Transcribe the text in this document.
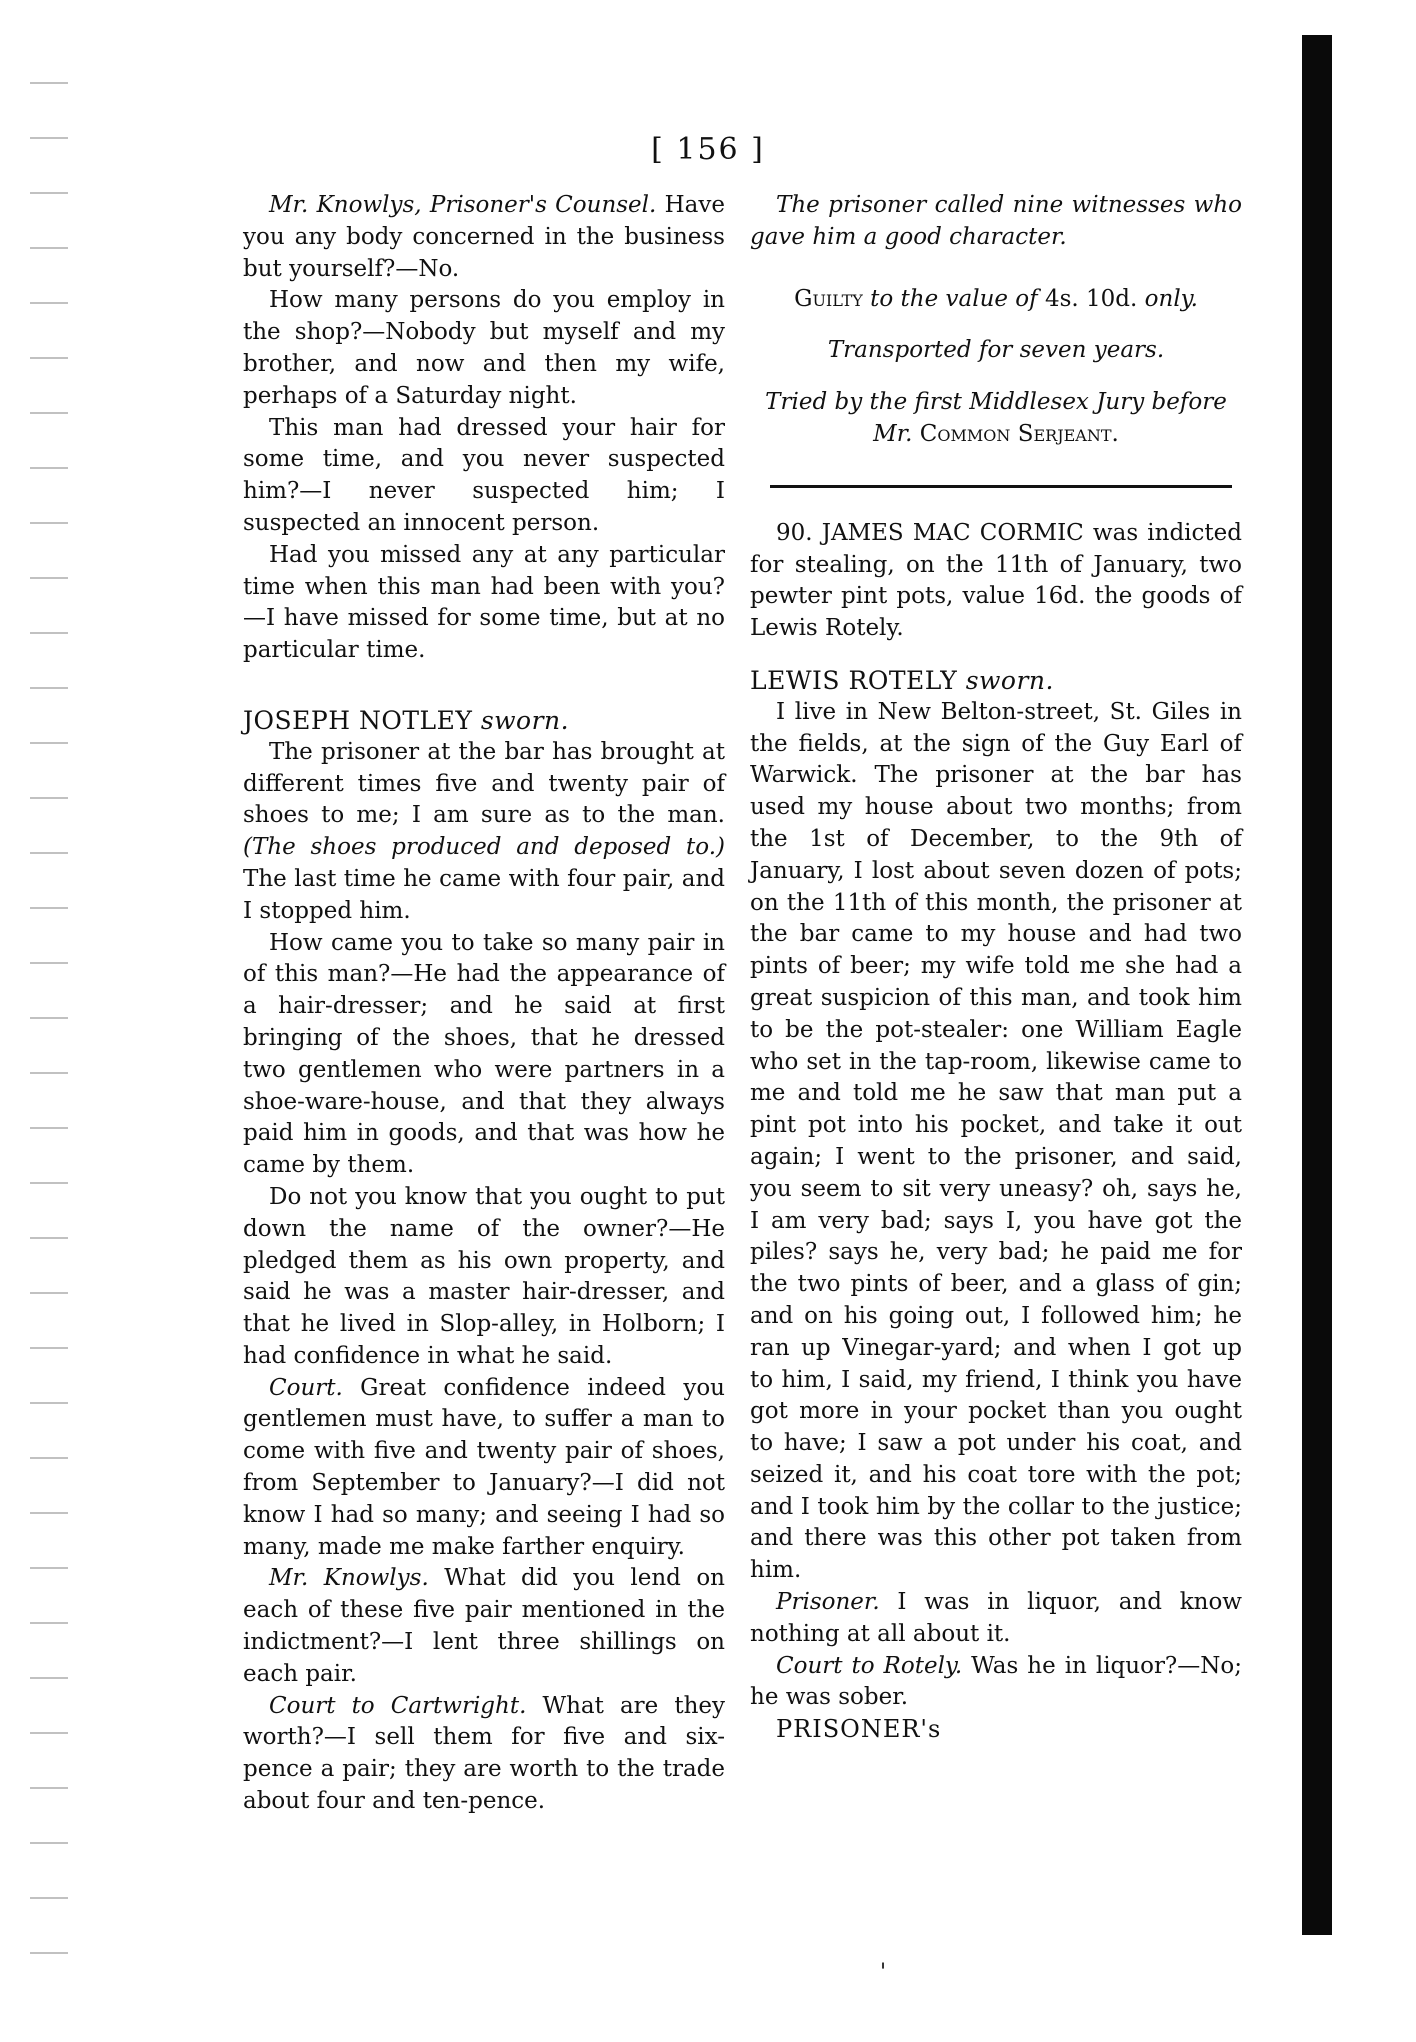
[ 156 ]

Mr. Knowlys, Prisoner's Counsel. Have you any body concerned in the business but yourself?—No.

How many persons do you employ in the shop?—Nobody but myself and my brother, and now and then my wife, perhaps of a Saturday night.

This man had dressed your hair for some time, and you never suspected him?—I never suspected him; I suspected an innocent person.

Had you missed any at any particular time when this man had been with you?—I have missed for some time, but at no particular time.

JOSEPH NOTLEY sworn.

The prisoner at the bar has brought at different times five and twenty pair of shoes to me; I am sure as to the man. (The shoes produced and deposed to.) The last time he came with four pair, and I stopped him.

How came you to take so many pair in of this man?—He had the appearance of a hair-dresser; and he said at first bringing of the shoes, that he dressed two gentlemen who were partners in a shoe-ware-house, and that they always paid him in goods, and that was how he came by them.

Do not you know that you ought to put down the name of the owner?—He pledged them as his own property, and said he was a master hair-dresser, and that he lived in Slop-alley, in Holborn; I had confidence in what he said.

Court. Great confidence indeed you gentlemen must have, to suffer a man to come with five and twenty pair of shoes, from September to January?—I did not know I had so many; and seeing I had so many, made me make farther enquiry.

Mr. Knowlys. What did you lend on each of these five pair mentioned in the indictment?—I lent three shillings on each pair.

Court to Cartwright. What are they worth?—I sell them for five and six-pence a pair; they are worth to the trade about four and ten-pence.

The prisoner called nine witnesses who gave him a good character.

Guilty to the value of 4s. 10d. only.

Transported for seven years.

Tried by the first Middlesex Jury before

Mr. Common Serjeant.

90. JAMES MAC CORMIC was indicted for stealing, on the 11th of January, two pewter pint pots, value 16d. the goods of Lewis Rotely.

LEWIS ROTELY sworn.

I live in New Belton-street, St. Giles in the fields, at the sign of the Guy Earl of Warwick. The prisoner at the bar has used my house about two months; from the 1st of December, to the 9th of January, I lost about seven dozen of pots; on the 11th of this month, the prisoner at the bar came to my house and had two pints of beer; my wife told me she had a great suspicion of this man, and took him to be the pot-stealer: one William Eagle who set in the tap-room, likewise came to me and told me he saw that man put a pint pot into his pocket, and take it out again; I went to the prisoner, and said, you seem to sit very uneasy? oh, says he, I am very bad; says I, you have got the piles? says he, very bad; he paid me for the two pints of beer, and a glass of gin; and on his going out, I followed him; he ran up Vinegar-yard; and when I got up to him, I said, my friend, I think you have got more in your pocket than you ought to have; I saw a pot under his coat, and seized it, and his coat tore with the pot; and I took him by the collar to the justice; and there was this other pot taken from him.

Prisoner. I was in liquor, and know nothing at all about it.

Court to Rotely. Was he in liquor?—No; he was sober.

PRISONER's

'
